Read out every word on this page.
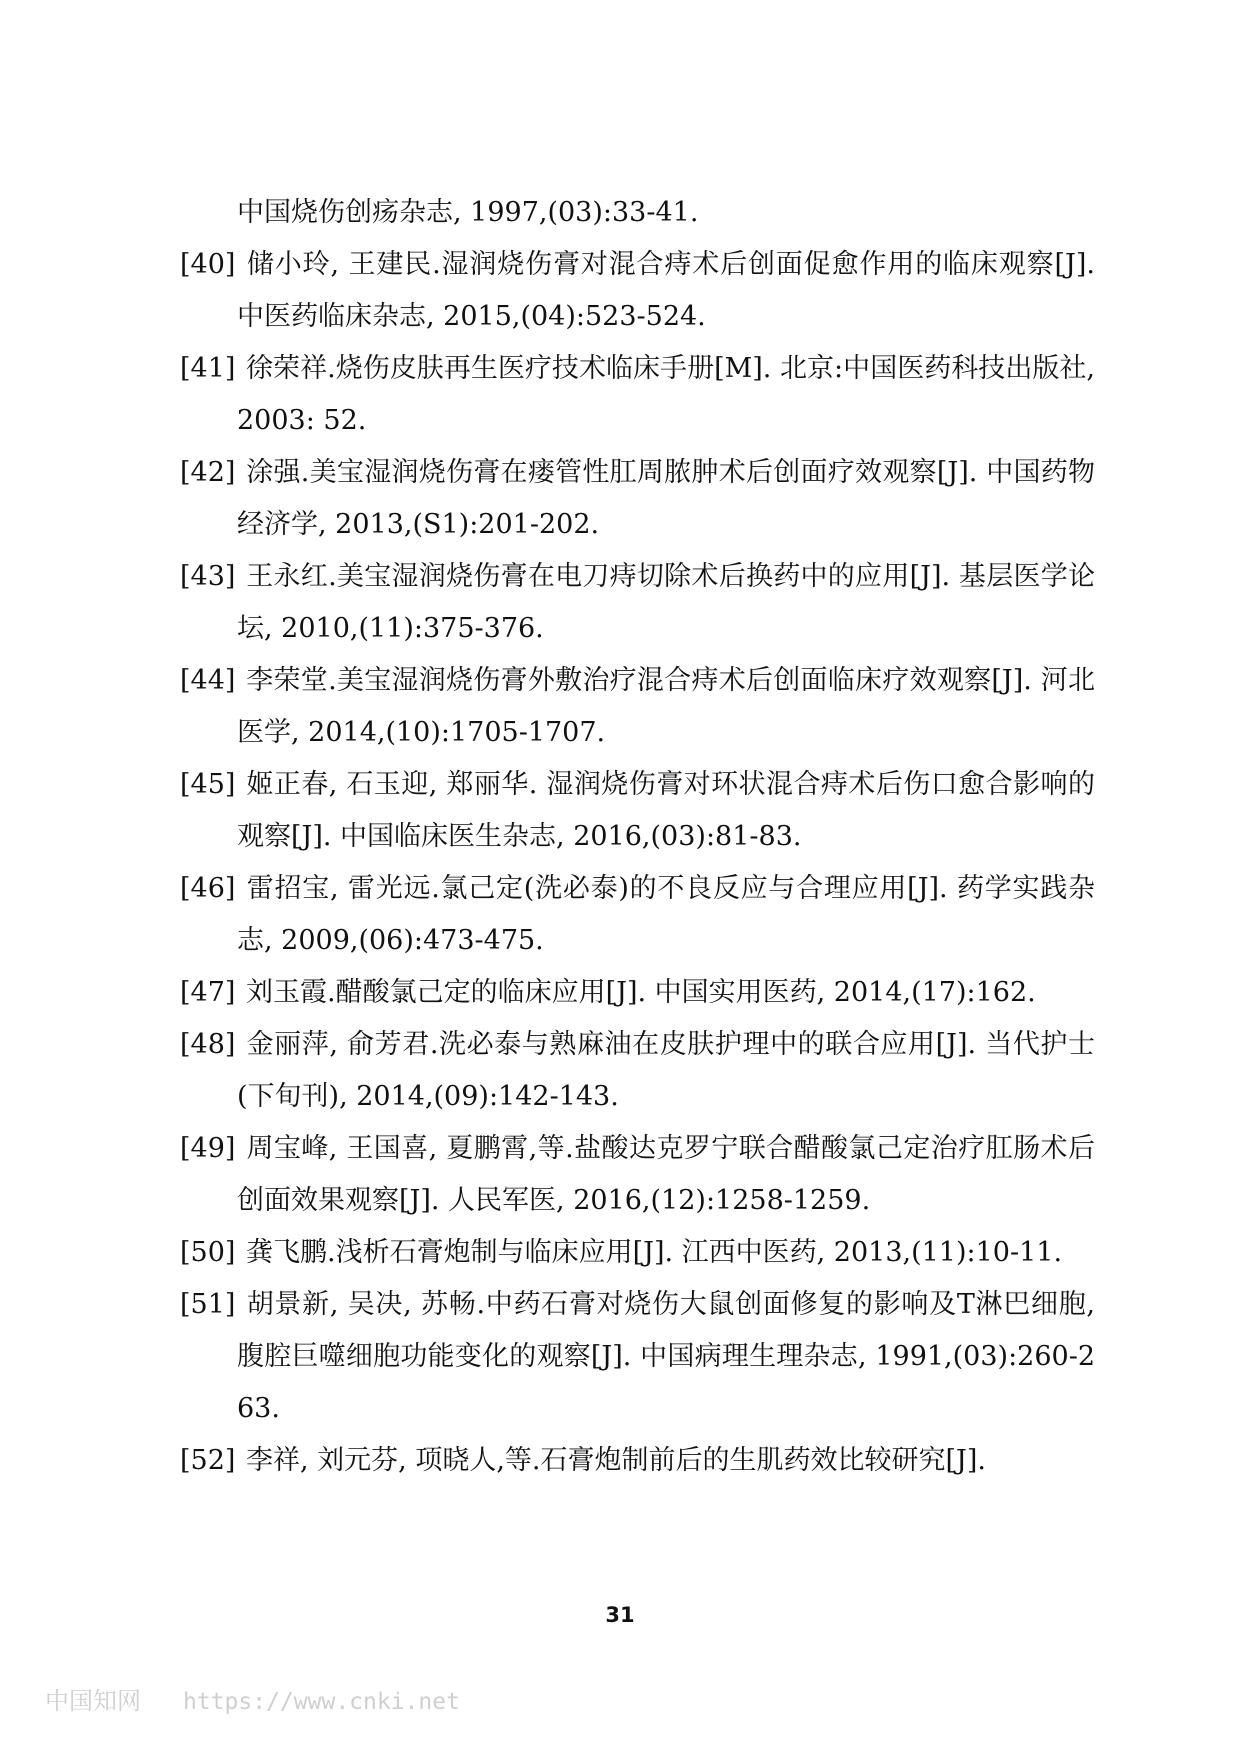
中国烧伤创疡杂志, 1997,(03):33-41.
[40] 储小玲, 王建民.湿润烧伤膏对混合痔术后创面促愈作用的临床观察[J]. 中医药临床杂志, 2015,(04):523-524.
[41] 徐荣祥.烧伤皮肤再生医疗技术临床手册[M]. 北京:中国医药科技出版社,2003: 52.
[42] 涂强.美宝湿润烧伤膏在瘘管性肛周脓肿术后创面疗效观察[J]. 中国药物经济学, 2013,(S1):201-202.
[43] 王永红.美宝湿润烧伤膏在电刀痔切除术后换药中的应用[J]. 基层医学论坛, 2010,(11):375-376.
[44] 李荣堂.美宝湿润烧伤膏外敷治疗混合痔术后创面临床疗效观察[J]. 河北医学, 2014,(10):1705-1707.
[45] 姬正春, 石玉迎, 郑丽华. 湿润烧伤膏对环状混合痔术后伤口愈合影响的观察[J]. 中国临床医生杂志, 2016,(03):81-83.
[46] 雷招宝, 雷光远.氯己定(洗必泰)的不良反应与合理应用[J]. 药学实践杂志, 2009,(06):473-475.
[47] 刘玉霞.醋酸氯己定的临床应用[J]. 中国实用医药, 2014,(17):162.
[48] 金丽萍, 俞芳君.洗必泰与熟麻油在皮肤护理中的联合应用[J]. 当代护士(下旬刊), 2014,(09):142-143.
[49] 周宝峰, 王国喜, 夏鹏霄,等.盐酸达克罗宁联合醋酸氯己定治疗肛肠术后创面效果观察[J]. 人民军医, 2016,(12):1258-1259.
[50] 龚飞鹏.浅析石膏炮制与临床应用[J]. 江西中医药, 2013,(11):10-11.
[51] 胡景新, 吴决, 苏畅.中药石膏对烧伤大鼠创面修复的影响及T淋巴细胞,腹腔巨噬细胞功能变化的观察[J]. 中国病理生理杂志, 1991,(03):260-263.
[52] 李祥, 刘元芬, 项晓人,等.石膏炮制前后的生肌药效比较研究[J].
31
中国知网 https://www.cnki.net
